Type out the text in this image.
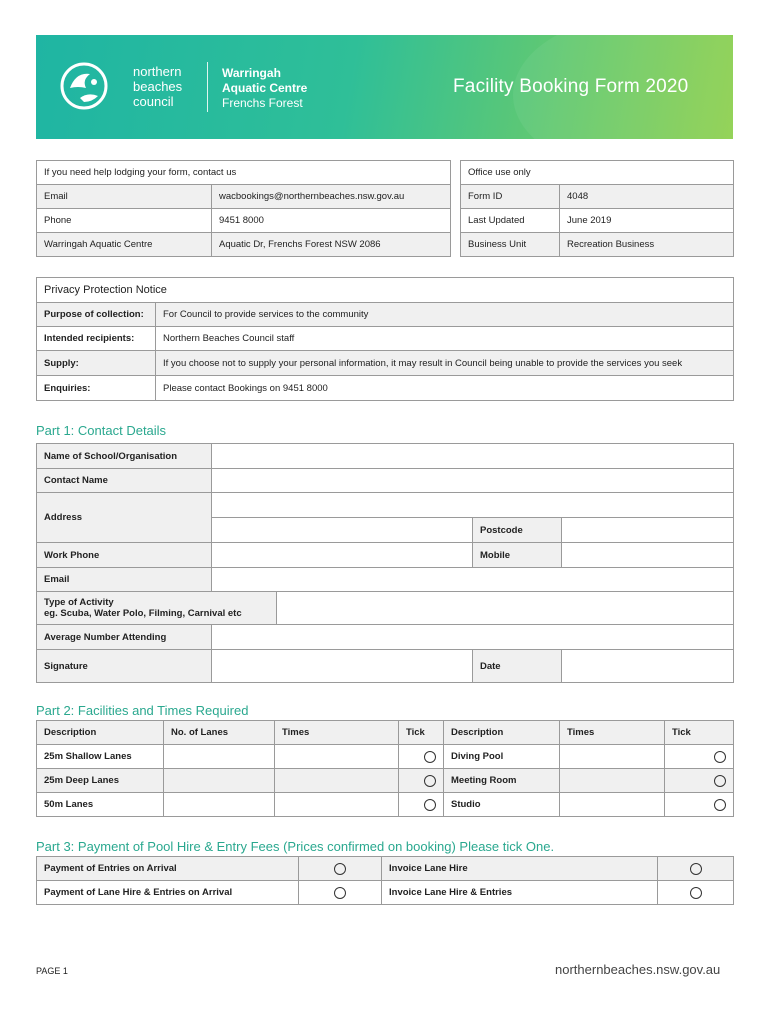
northern
beaches
council
Warringah
Aquatic Centre
Frenchs Forest
Facility Booking Form 2020
If you need help lodging your form, contact us	
Email	wacbookings@northernbeaches.nsw.gov.au
Phone	9451 8000
Warringah Aquatic Centre	Aquatic Dr, Frenchs Forest NSW 2086
Office use only	
Form ID	4048
Last Updated	June 2019
Business Unit	Recreation Business
Privacy Protection Notice	
Purpose of collection:	For Council to provide services to the community
Intended recipients:	Northern Beaches Council staff
Supply:	If you choose not to supply your personal information, it may result in Council being unable to provide the services you seek
Enquiries:	Please contact Bookings on 9451 8000
Part 1: Contact Details
Name of School/Organisation				
Contact Name				
Address				
			Postcode	
Work Phone			Mobile	
Email				

Type of Activity
eg. Scuba, Water Polo, Filming, Carnival etc				

Average Number Attending				
Signature			Date	
Part 2: Facilities and Times Required
Description	No. of Lanes	Times	Tick	Description	Times	Tick
25m Shallow Lanes				Diving Pool		
25m Deep Lanes				Meeting Room		
50m Lanes				Studio		
Part 3: Payment of Pool Hire & Entry Fees (Prices confirmed on booking) Please tick One.
Payment of Entries on Arrival		Invoice Lane Hire	
Payment of Lane Hire & Entries on Arrival		Invoice Lane Hire & Entries	
PAGE 1	northernbeaches.nsw.gov.au
